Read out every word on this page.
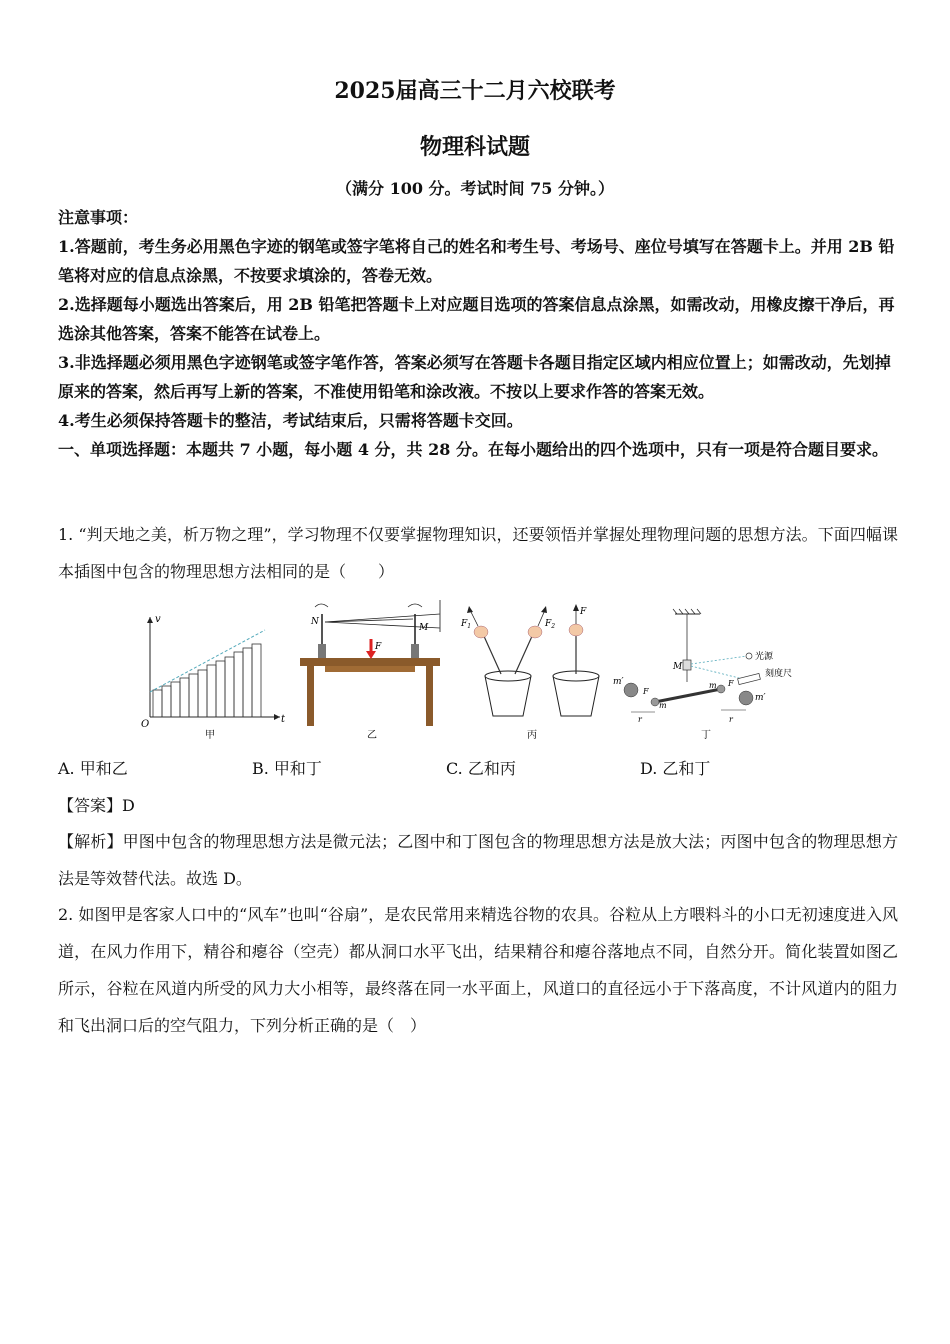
2025届高三十二月六校联考
物理科试题
（满分 100 分。考试时间 75 分钟。）

注意事项：

1.答题前，考生务必用黑色字迹的钢笔或签字笔将自己的姓名和考生号、考场号、座位号填写在答题卡上。并用 2B 铅笔将对应的信息点涂黑，不按要求填涂的，答卷无效。

2.选择题每小题选出答案后，用 2B 铅笔把答题卡上对应题目选项的答案信息点涂黑，如需改动，用橡皮擦干净后，再选涂其他答案，答案不能答在试卷上。

3.非选择题必须用黑色字迹钢笔或签字笔作答，答案必须写在答题卡各题目指定区域内相应位置上；如需改动，先划掉原来的答案，然后再写上新的答案，不准使用铅笔和涂改液。不按以上要求作答的答案无效。

4.考生必须保持答题卡的整洁，考试结束后，只需将答题卡交回。

一、单项选择题：本题共 7 小题，每小题 4 分，共 28 分。在每小题给出的四个选项中，只有一项是符合题目要求。

1. “判天地之美，析万物之理”，学习物理不仅要掌握物理知识，还要领悟并掌握处理物理问题的思想方法。下面四幅课本插图中包含的物理思想方法相同的是（　　）

v
t
O
甲
N
M
F
乙
$F_1$	$F_2$
F
丙
M
光源
刻度尺
m′
m′
m
m
F
F
r	r
丁
A. 甲和乙	B. 甲和丁	C. 乙和丙	D. 乙和丁
【答案】D

【解析】甲图中包含的物理思想方法是微元法；乙图中和丁图包含的物理思想方法是放大法；丙图中包含的物理思想方法是等效替代法。故选 D。

2. 如图甲是客家人口中的“风车”也叫“谷扇”，是农民常用来精选谷物的农具。谷粒从上方喂料斗的小口无初速度进入风道，在风力作用下，精谷和瘪谷（空壳）都从洞口水平飞出，结果精谷和瘪谷落地点不同，自然分开。简化装置如图乙所示，谷粒在风道内所受的风力大小相等，最终落在同一水平面上，风道口的直径远小于下落高度，不计风道内的阻力和飞出洞口后的空气阻力，下列分析正确的是（　）
